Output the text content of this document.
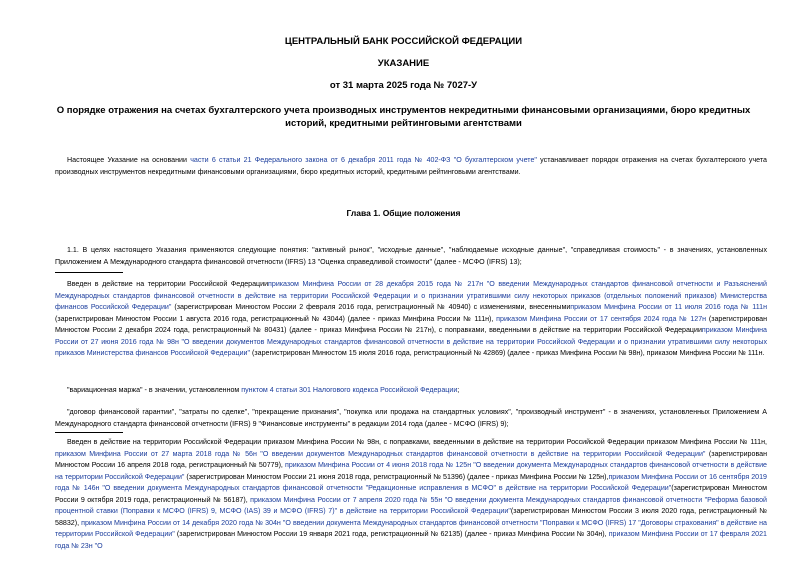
ЦЕНТРАЛЬНЫЙ БАНК РОССИЙСКОЙ ФЕДЕРАЦИИ
УКАЗАНИЕ
от 31 марта 2025 года № 7027-У
О порядке отражения на счетах бухгалтерского учета производных инструментов некредитными финансовыми организациями, бюро кредитных историй, кредитными рейтинговыми агентствами
Настоящее Указание на основании части 6 статьи 21 Федерального закона от 6 декабря 2011 года № 402-ФЗ "О бухгалтерском учете" устанавливает порядок отражения на счетах бухгалтерского учета производных инструментов некредитными финансовыми организациями, бюро кредитных историй, кредитными рейтинговыми агентствами.
Глава 1. Общие положения
1.1. В целях настоящего Указания применяются следующие понятия: "активный рынок", "исходные данные", "наблюдаемые исходные данные", "справедливая стоимость" - в значениях, установленных Приложением А Международного стандарта финансовой отчетности (IFRS) 13 "Оценка справедливой стоимости" (далее - МСФО (IFRS) 13);
Введен в действие на территории Российской Федерацииприказом Минфина России от 28 декабря 2015 года № 217н "О введении Международных стандартов финансовой отчетности и Разъяснений Международных стандартов финансовой отчетности в действие на территории Российской Федерации и о признании утратившими силу некоторых приказов (отдельных положений приказов) Министерства финансов Российской Федерации" (зарегистрирован Минюстом России 2 февраля 2016 года, регистрационный № 40940) с изменениями, внесеннымиприказом Минфина России от 11 июля 2016 года № 111н (зарегистрирован Минюстом России 1 августа 2016 года, регистрационный № 43044) (далее - приказ Минфина России № 111н), приказом Минфина России от 17 сентября 2024 года № 127н (зарегистрирован Минюстом России 2 декабря 2024 года, регистрационный № 80431) (далее - приказ Минфина России № 217н), с поправками, введенными в действие на территории Российской Федерацииприказом Минфина России от 27 июня 2016 года № 98н "О введении документов Международных стандартов финансовой отчетности в действие на территории Российской Федерации и о признании утратившими силу некоторых приказов Министерства финансов Российской Федерации" (зарегистрирован Минюстом 15 июля 2016 года, регистрационный № 42869) (далее - приказ Минфина России № 98н), приказом Минфина России № 111н.
"вариационная маржа" - в значении, установленном пунктом 4 статьи 301 Налогового кодекса Российской Федерации;
"договор финансовой гарантии", "затраты по сделке", "прекращение признания", "покупка или продажа на стандартных условиях", "производный инструмент" - в значениях, установленных Приложением А Международного стандарта финансовой отчетности (IFRS) 9 "Финансовые инструменты" в редакции 2014 года (далее - МСФО (IFRS) 9);
Введен в действие на территории Российской Федерации приказом Минфина России № 98н, с поправками, введенными в действие на территории Российской Федерации приказом Минфина России № 111н, приказом Минфина России от 27 марта 2018 года № 56н "О введении документов Международных стандартов финансовой отчетности в действие на территории Российской Федерации" (зарегистрирован Минюстом России 16 апреля 2018 года, регистрационный № 50779), приказом Минфина России от 4 июня 2018 года № 125н "О введении документа Международных стандартов финансовой отчетности в действие на территории Российской Федерации" (зарегистрирован Минюстом России 21 июня 2018 года, регистрационный № 51396) (далее - приказ Минфина России № 125н),приказом Минфина России от 16 сентября 2019 года № 146н "О введении документа Международных стандартов финансовой отчетности "Редакционные исправления в МСФО" в действие на территории Российской Федерации"(зарегистрирован Минюстом России 9 октября 2019 года, регистрационный № 56187), приказом Минфина России от 7 апреля 2020 года № 55н "О введении документа Международных стандартов финансовой отчетности "Реформа базовой процентной ставки (Поправки к МСФО (IFRS) 9, МСФО (IAS) 39 и МСФО (IFRS) 7)" в действие на территории Российской Федерации"(зарегистрирован Минюстом России 3 июля 2020 года, регистрационный № 58832), приказом Минфина России от 14 декабря 2020 года № 304н "О введении документа Международных стандартов финансовой отчетности "Поправки к МСФО (IFRS) 17 "Договоры страхования" в действие на территории Российской Федерации" (зарегистрирован Минюстом России 19 января 2021 года, регистрационный № 62135) (далее - приказ Минфина России № 304н), приказом Минфина России от 17 февраля 2021 года № 23н "О
